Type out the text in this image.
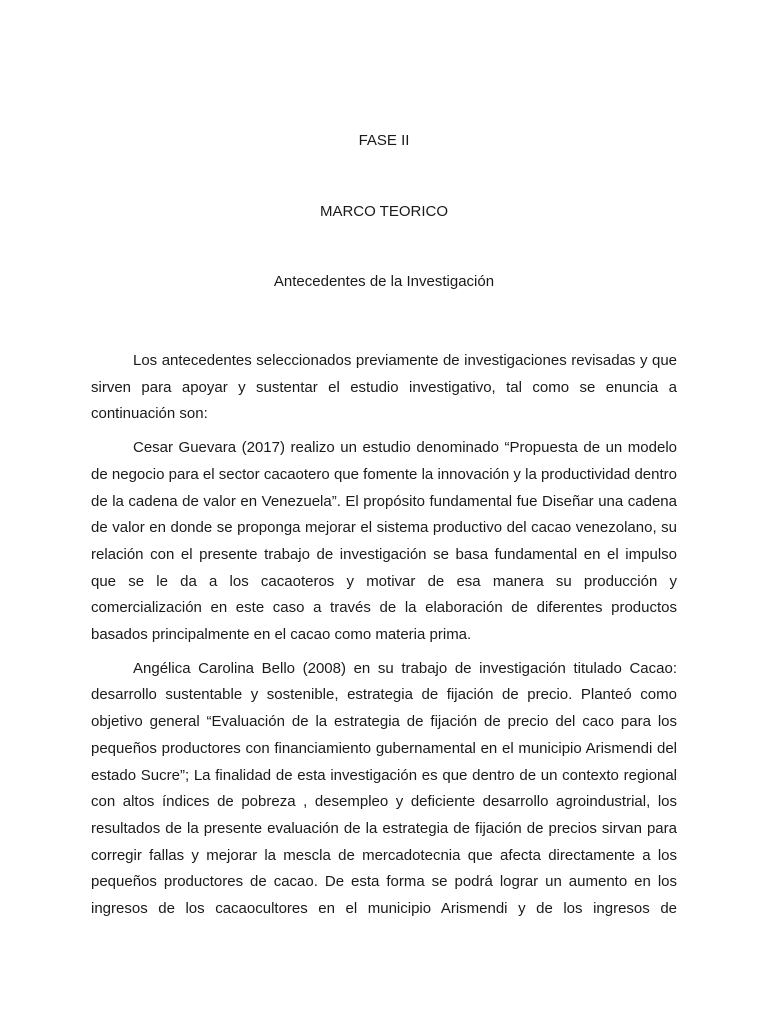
FASE II
MARCO TEORICO
Antecedentes de la Investigación

Los antecedentes seleccionados previamente de investigaciones revisadas y que sirven para apoyar y sustentar el estudio investigativo, tal como se enuncia a continuación son:

Cesar Guevara (2017) realizo un estudio denominado “Propuesta de un modelo de negocio para el sector cacaotero que fomente la innovación y la productividad dentro de la cadena de valor en Venezuela”. El propósito fundamental fue Diseñar una cadena de valor en donde se proponga mejorar el sistema productivo del cacao venezolano, su relación con el presente trabajo de investigación se basa fundamental en el impulso que se le da a los cacaoteros y motivar de esa manera su producción y comercialización en este caso a través de la elaboración de diferentes productos basados principalmente en el cacao como materia prima.

Angélica Carolina Bello (2008) en su trabajo de investigación titulado Cacao: desarrollo sustentable y sostenible, estrategia de fijación de precio. Planteó como objetivo general “Evaluación de la estrategia de fijación de precio del caco para los pequeños productores con financiamiento gubernamental en el municipio Arismendi del estado Sucre”; La finalidad de esta investigación es que dentro de un contexto regional con altos índices de pobreza , desempleo y deficiente desarrollo agroindustrial, los resultados de la presente evaluación de la estrategia de fijación de precios sirvan para corregir fallas y mejorar la mescla de mercadotecnia que afecta directamente a los pequeños productores de cacao. De esta forma se podrá lograr un aumento en los ingresos de los cacaocultores en el municipio Arismendi y de los ingresos de
